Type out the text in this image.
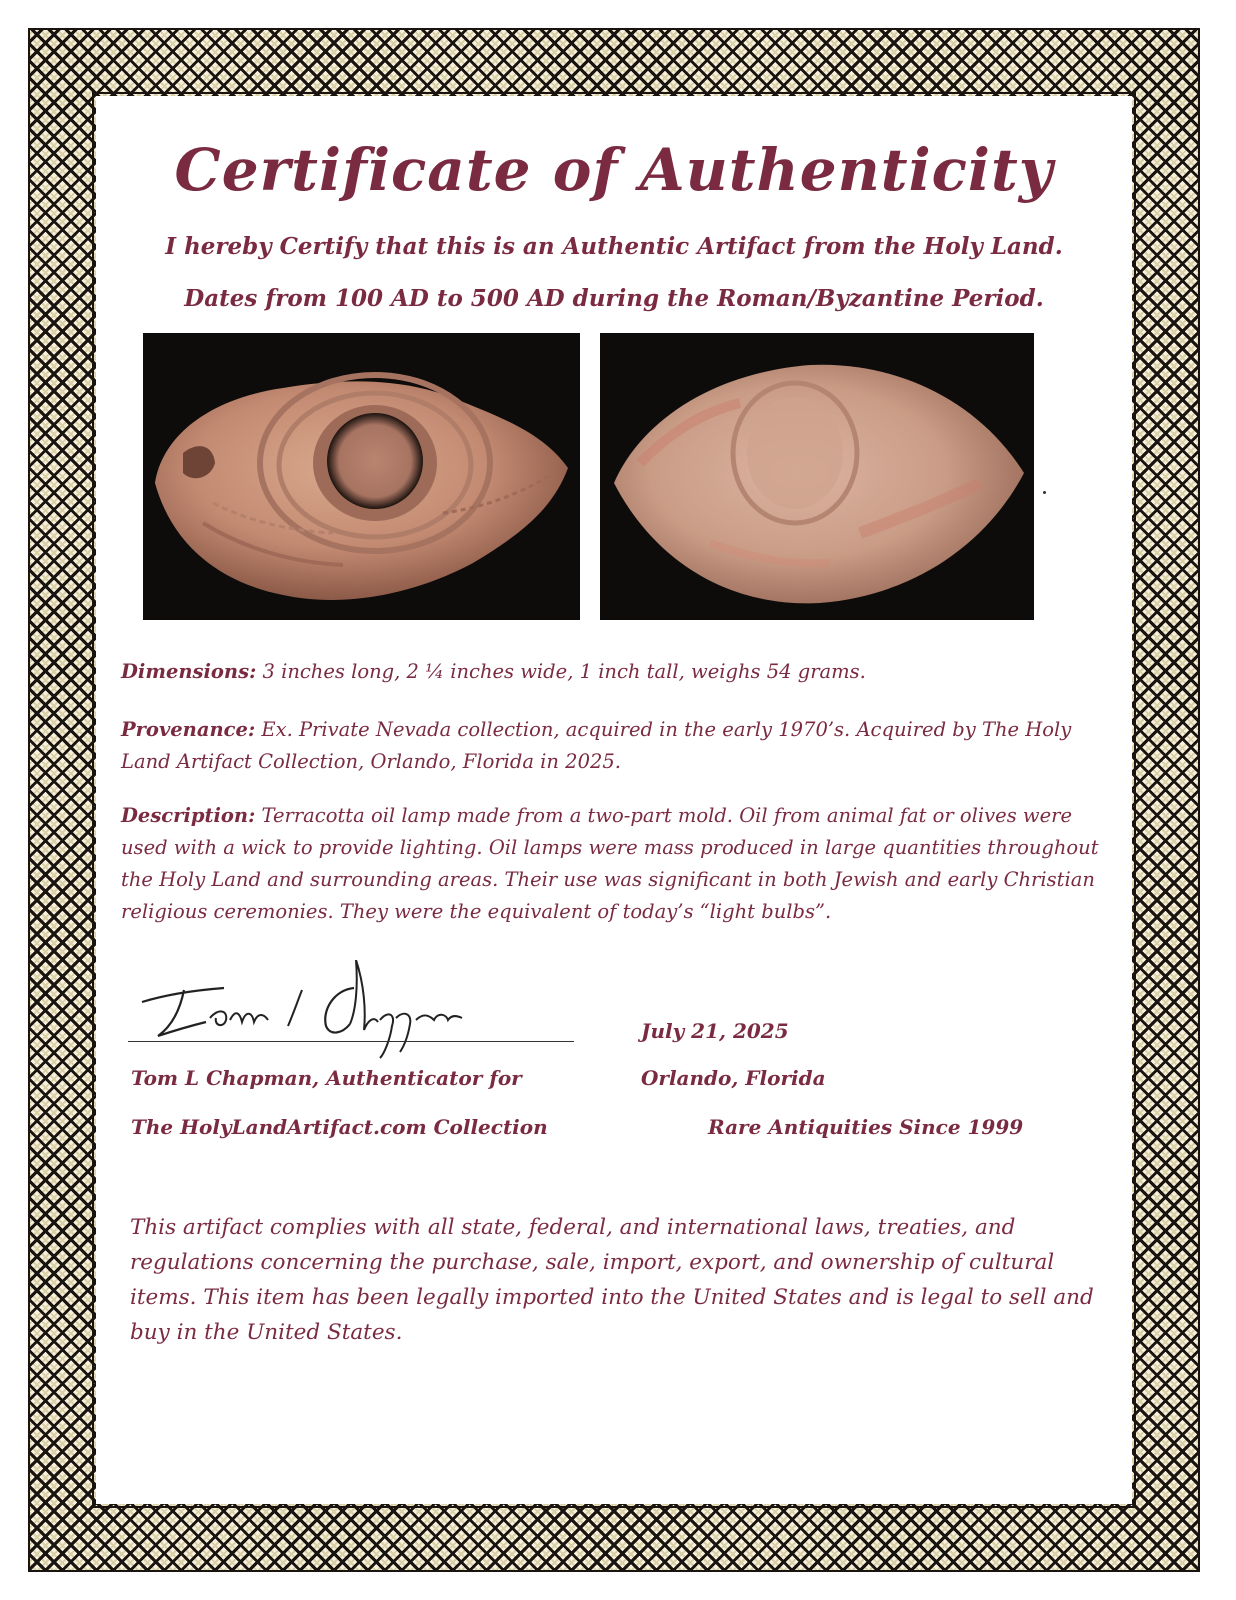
Certificate of Authenticity

I hereby Certify that this is an Authentic Artifact from the Holy Land.

Dates from 100 AD to 500 AD during the Roman/Byzantine Period.

Dimensions: 3 inches long, 2 ¼ inches wide, 1 inch tall, weighs 54 grams.

Provenance: Ex. Private Nevada collection, acquired in the early 1970’s. Acquired by The Holy Land Artifact Collection, Orlando, Florida in 2025.

Description: Terracotta oil lamp made from a two-part mold. Oil from animal fat or olives were used with a wick to provide lighting. Oil lamps were mass produced in large quantities throughout the Holy Land and surrounding areas. Their use was significant in both Jewish and early Christian religious ceremonies. They were the equivalent of today’s “light bulbs”.

Tom L Chapman, Authenticator for

The HolyLandArtifact.com Collection

July 21, 2025

Orlando, Florida

Rare Antiquities Since 1999

This artifact complies with all state, federal, and international laws, treaties, and regulations concerning the purchase, sale, import, export, and ownership of cultural items. This item has been legally imported into the United States and is legal to sell and buy in the United States.
